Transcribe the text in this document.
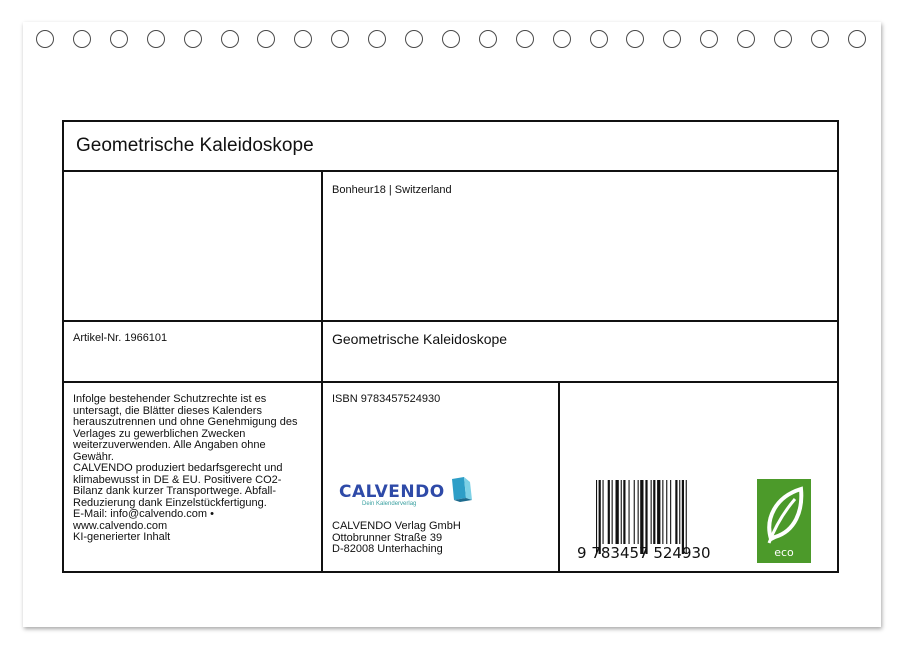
Geometrische Kaleidoskope
Bonheur18 | Switzerland
Artikel-Nr. 1966101	Geometrische Kaleidoskope
Infolge bestehender Schutzrechte ist es
untersagt, die Blätter dieses Kalenders
herauszutrennen und ohne Genehmigung des
Verlages zu gewerblichen Zwecken
weiterzuverwenden. Alle Angaben ohne
Gewähr.
CALVENDO produziert bedarfsgerecht und
klimabewusst in DE & EU. Positivere CO2-
Bilanz dank kurzer Transportwege. Abfall-
Reduzierung dank Einzelstückfertigung.
E-Mail: info@calvendo.com •
www.calvendo.com
KI-generierter Inhalt
ISBN 9783457524930
CALVENDO
Dein Kalenderverlag
CALVENDO Verlag GmbH
Ottobrunner Straße 39
D-82008 Unterhaching	9 783457 524930	eco
